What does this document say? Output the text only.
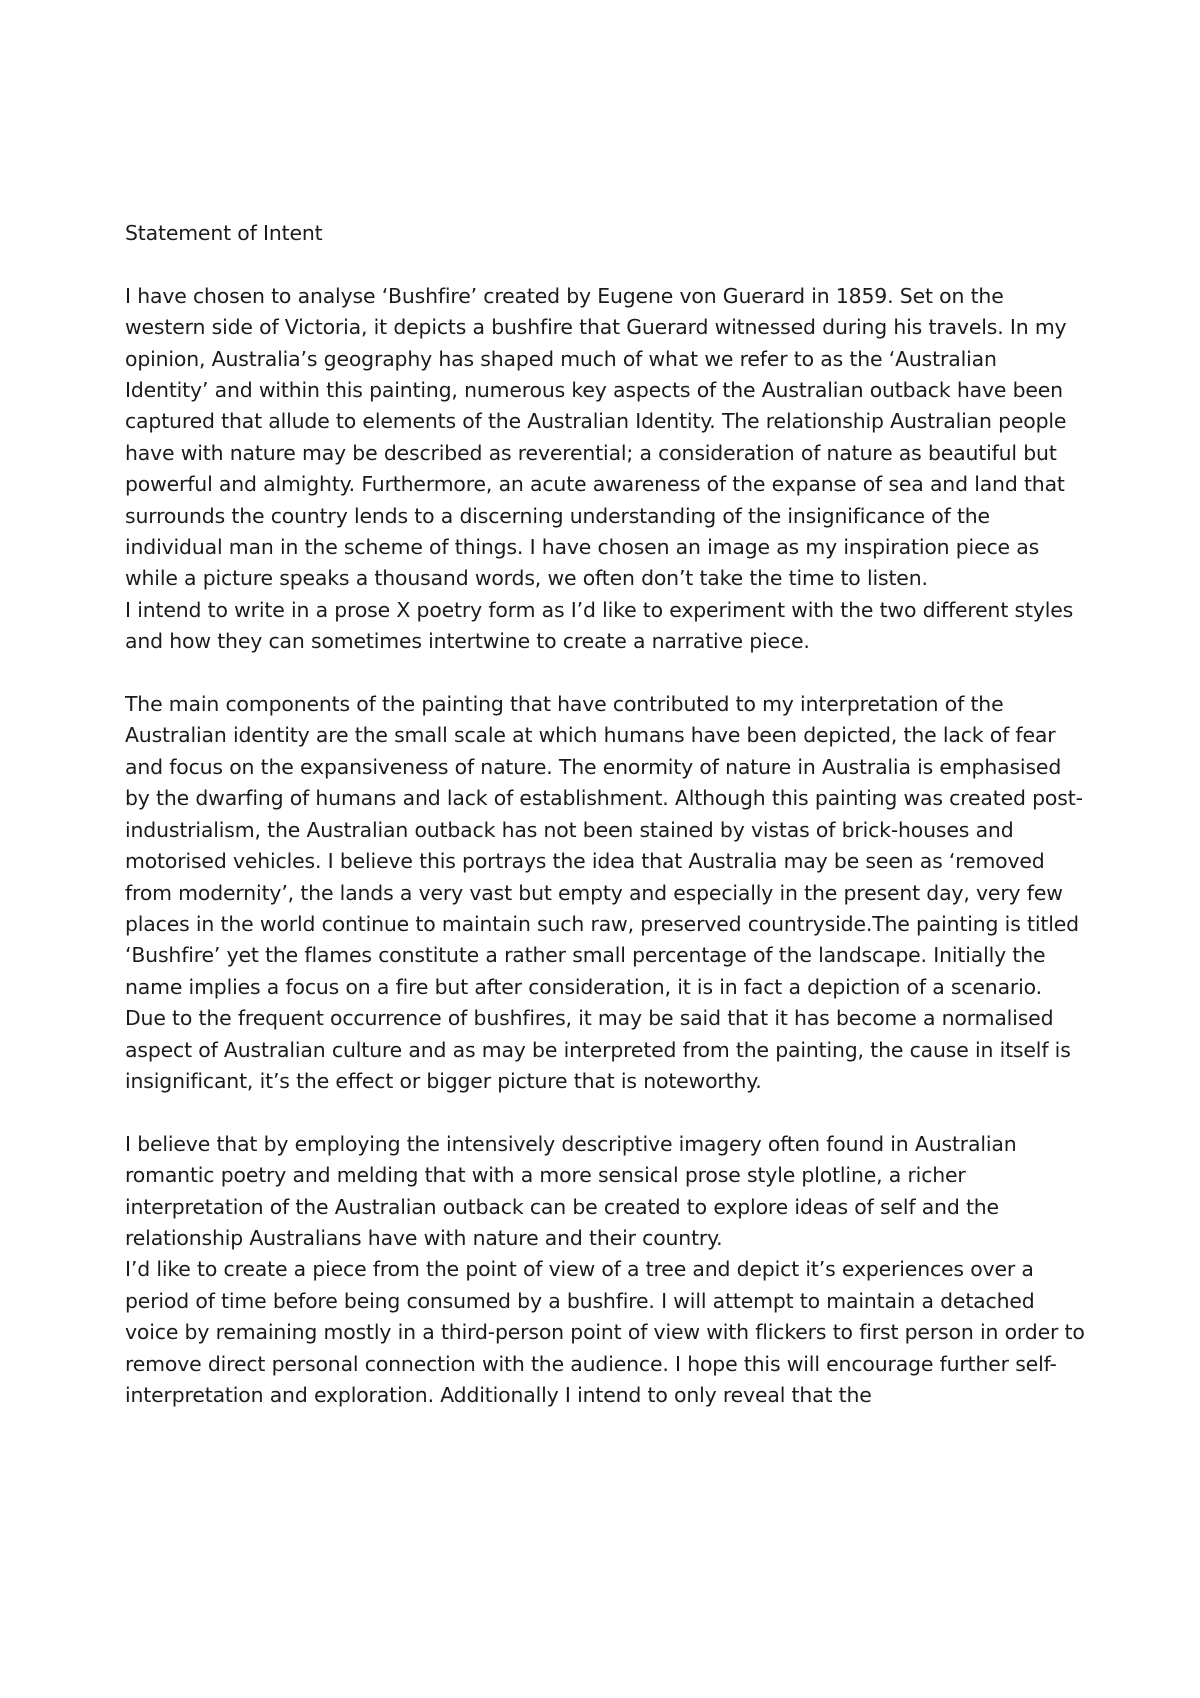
Statement of Intent

I have chosen to analyse ‘Bushfire’ created by Eugene von Guerard in 1859. Set on the western side of Victoria, it depicts a bushfire that Guerard witnessed during his travels. In my opinion, Australia’s geography has shaped much of what we refer to as the ‘Australian Identity’ and within this painting, numerous key aspects of the Australian outback have been captured that allude to elements of the Australian Identity. The relationship Australian people have with nature may be described as reverential; a consideration of nature as beautiful but powerful and almighty. Furthermore, an acute awareness of the expanse of sea and land that surrounds the country lends to a discerning understanding of the insignificance of the individual man in the scheme of things. I have chosen an image as my inspiration piece as while a picture speaks a thousand words, we often don’t take the time to listen.

I intend to write in a prose X poetry form as I’d like to experiment with the two different styles and how they can sometimes intertwine to create a narrative piece.

The main components of the painting that have contributed to my interpretation of the Australian identity are the small scale at which humans have been depicted, the lack of fear and focus on the expansiveness of nature. The enormity of nature in Australia is emphasised by the dwarfing of humans and lack of establishment. Although this painting was created post-industrialism, the Australian outback has not been stained by vistas of brick-houses and motorised vehicles. I believe this portrays the idea that Australia may be seen as ‘removed from modernity’, the lands a very vast but empty and especially in the present day, very few places in the world continue to maintain such raw, preserved countryside.The painting is titled ‘Bushfire’ yet the flames constitute a rather small percentage of the landscape. Initially the name implies a focus on a fire but after consideration, it is in fact a depiction of a scenario. Due to the frequent occurrence of bushfires, it may be said that it has become a normalised aspect of Australian culture and as may be interpreted from the painting, the cause in itself is insignificant, it’s the effect or bigger picture that is noteworthy.

I believe that by employing the intensively descriptive imagery often found in Australian romantic poetry and melding that with a more sensical prose style plotline, a richer interpretation of the Australian outback can be created to explore ideas of self and the relationship Australians have with nature and their country.

I’d like to create a piece from the point of view of a tree and depict it’s experiences over a period of time before being consumed by a bushfire. I will attempt to maintain a detached voice by remaining mostly in a third-person point of view with flickers to first person in order to remove direct personal connection with the audience. I hope this will encourage further self-interpretation and exploration. Additionally I intend to only reveal that the
